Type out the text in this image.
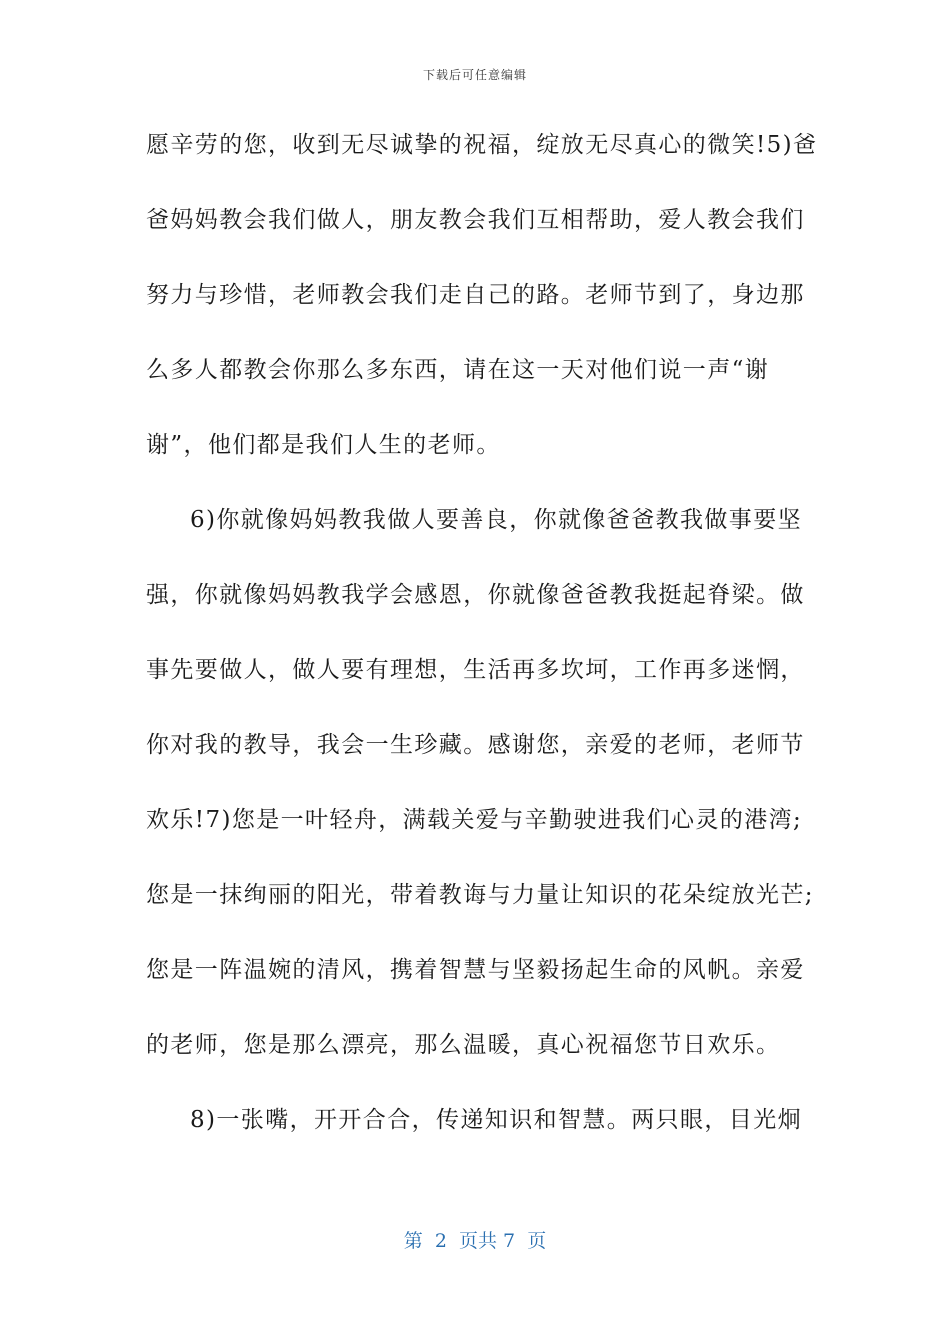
下载后可任意编辑
愿辛劳的您，收到无尽诚挚的祝福，绽放无尽真心的微笑!5)爸
爸妈妈教会我们做人，朋友教会我们互相帮助，爱人教会我们
努力与珍惜，老师教会我们走自己的路。老师节到了，身边那
么多人都教会你那么多东西，请在这一天对他们说一声“谢
谢”，他们都是我们人生的老师。
6)你就像妈妈教我做人要善良，你就像爸爸教我做事要坚
强，你就像妈妈教我学会感恩，你就像爸爸教我挺起脊梁。做
事先要做人，做人要有理想，生活再多坎坷，工作再多迷惘，
你对我的教导，我会一生珍藏。感谢您，亲爱的老师，老师节
欢乐!7)您是一叶轻舟，满载关爱与辛勤驶进我们心灵的港湾;
您是一抹绚丽的阳光，带着教诲与力量让知识的花朵绽放光芒;
您是一阵温婉的清风，携着智慧与坚毅扬起生命的风帆。亲爱
的老师，您是那么漂亮，那么温暖，真心祝福您节日欢乐。
8)一张嘴，开开合合，传递知识和智慧。两只眼，目光炯
第  2  页共 7  页
